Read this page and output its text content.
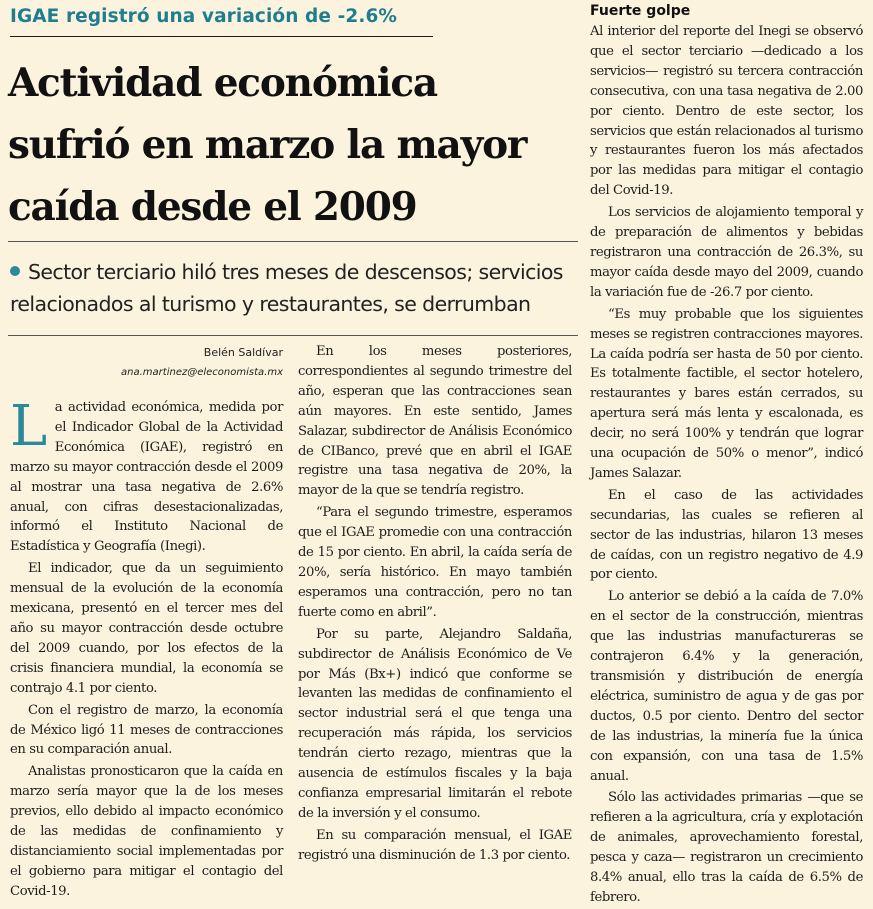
IGAE registró una variación de -2.6%
Actividad económica
sufrió en marzo la mayor
caída desde el 2009
Sector terciario hiló tres meses de descensos; servicios relacionados al turismo y restaurantes, se derrumban
Belén Saldívar
ana.martinez@eleconomista.mx

La actividad económica, medida por el Indicador Global de la Actividad Económica (IGAE), registró en marzo su mayor contracción desde el 2009 al mostrar una tasa negativa de 2.6% anual, con cifras desestacionalizadas, informó el Instituto Nacional de Estadística y Geografía (Inegi).

El indicador, que da un seguimiento mensual de la evolución de la economía mexicana, presentó en el tercer mes del año su mayor contracción desde octubre del 2009 cuando, por los efectos de la crisis financiera mundial, la economía se contrajo 4.1 por ciento.

Con el registro de marzo, la economía de México ligó 11 meses de contracciones en su comparación anual.

Analistas pronosticaron que la caída en marzo sería mayor que la de los meses previos, ello debido al impacto económico de las medidas de confinamiento y distanciamiento social implementadas por el gobierno para mitigar el contagio del Covid-19.

En los meses posteriores, correspondientes al segundo trimestre del año, esperan que las contracciones sean aún mayores. En este sentido, James Salazar, subdirector de Análisis Económico de CIBanco, prevé que en abril el IGAE registre una tasa negativa de 20%, la mayor de la que se tendría registro.

“Para el segundo trimestre, esperamos que el IGAE promedie con una contracción de 15 por ciento. En abril, la caída sería de 20%, sería histórico. En mayo también esperamos una contracción, pero no tan fuerte como en abril”.

Por su parte, Alejandro Saldaña, subdirector de Análisis Económico de Ve por Más (Bx+) indicó que conforme se levanten las medidas de confinamiento el sector industrial será el que tenga una recuperación más rápida, los servicios tendrán cierto rezago, mientras que la ausencia de estímulos fiscales y la baja confianza empresarial limitarán el rebote de la inversión y el consumo.

En su comparación mensual, el IGAE registró una disminución de 1.3 por ciento.

Fuerte golpe

Al interior del reporte del Inegi se observó que el sector terciario —dedicado a los servicios— registró su tercera contracción consecutiva, con una tasa negativa de 2.00 por ciento. Dentro de este sector, los servicios que están relacionados al turismo y restaurantes fueron los más afectados por las medidas para mitigar el contagio del Covid-19.

Los servicios de alojamiento temporal y de preparación de alimentos y bebidas registraron una contracción de 26.3%, su mayor caída desde mayo del 2009, cuando la variación fue de -26.7 por ciento.

“Es muy probable que los siguientes meses se registren contracciones mayores. La caída podría ser hasta de 50 por ciento. Es totalmente factible, el sector hotelero, restaurantes y bares están cerrados, su apertura será más lenta y escalonada, es decir, no será 100% y tendrán que lograr una ocupación de 50% o menor”, indicó James Salazar.

En el caso de las actividades secundarias, las cuales se refieren al sector de las industrias, hilaron 13 meses de caídas, con un registro negativo de 4.9 por ciento.

Lo anterior se debió a la caída de 7.0% en el sector de la construcción, mientras que las industrias manufactureras se contrajeron 6.4% y la generación, transmisión y distribución de energía eléctrica, suministro de agua y de gas por ductos, 0.5 por ciento. Dentro del sector de las industrias, la minería fue la única con expansión, con una tasa de 1.5% anual.

Sólo las actividades primarias —que se refieren a la agricultura, cría y explotación de animales, aprovechamiento forestal, pesca y caza— registraron un crecimiento 8.4% anual, ello tras la caída de 6.5% de febrero.
